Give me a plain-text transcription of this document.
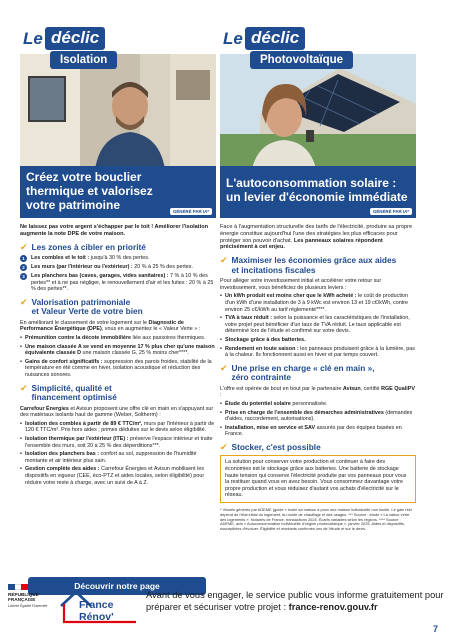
Le déclic
Isolation
Créez votre bouclier
thermique et valorisez
votre patrimoine	GÉNÉRÉ PAR IA*

Ne laissez pas votre argent s'échapper par le toit ! Améliorer l'isolation augmente la note DPE de votre maison.

✔ Les zones à cibler en priorité
1	Les combles et le toit : jusqu'à 30 % des pertes.
2	Les murs (par l'intérieur ou l'extérieur) : 20 % à 25 % des pertes.
3	Les planchers bas (caves, garages, vides sanitaires) : 7 % à 10 % des pertes** et à ne pas négliger, le renouvellement d'air et les fuites : 20 % à 25 % des pertes**.
✔ Valorisation patrimoniale
et Valeur Verte de votre bien

En améliorant le classement de votre logement sur le Diagnostic de Performance Énergétique (DPE), vous en augmentez le « Valeur Verte » :

• Prémunition contre la décote immobilière liée aux passoires thermiques.
• Une maison classée A se vend en moyenne 17 % plus cher qu'une maison équivalente classée D une maison classée G, 25 % moins cher****.
• Gains de confort significatifs : suppression des parois froides, stabilité de la température en été comme en hiver, isolation acoustique et réduction des nuisances sonores.
✔ Simplicité, qualité et
financement optimisé

Carrefour Énergies et Avisun proposent une offre clé en main en s'appuyant sur des matériaux isolants haut de gamme (Weber, Soltherm) :

• Isolation des combles à partir de 89 € TTC/m², murs par l'intérieur à partir de 120 € TTC/m². Prix hors aides ; primes déduites sur le devis selon éligibilité.
• Isolation thermique par l'extérieur (ITE) : préserve l'espace intérieur et traite l'ensemble des murs, soit 20 à 25 % des déperditions***.
• Isolation des planchers bas : confort au sol, suppression de l'humidité montante et air intérieur plus sain.
• Gestion complète des aides : Carrefour Énergies et Avisun mobilisent les dispositifs en vigueur (CEE, éco-PTZ et aides locales, selon éligibilité) pour réduire votre reste à charge, avec un suivi de A à Z.
Découvrir notre page
Le déclic
Photovoltaïque
L'autoconsommation solaire :
un levier d'économie immédiate
GÉNÉRÉ PAR IA*

Face à l'augmentation structurelle des tarifs de l'électricité, produire sa propre énergie constitue aujourd'hui l'une des stratégies les plus efficaces pour protéger son pouvoir d'achat. Les panneaux solaires répondent précisément à cet enjeu.

✔ Maximiser les économies grâce aux aides
et incitations fiscales

Pour alléger votre investissement initial et accélérer votre retour sur investissement, vous bénéficiez de plusieurs leviers :

• Un kWh produit est moins cher que le kWh acheté : le coût de production d'un kWh d'une installation de 3 à 9 kWc est environ 13 et 19 c€/kWh, contre environ 25 c€/kWh au tarif réglementé****.
• TVA à taux réduit : selon la puissance et les caractéristiques de l'installation, votre projet peut bénéficier d'un taux de TVA réduit. Le taux applicable est déterminé lors de l'étude et confirmé sur votre devis.
• Stockage grâce à des batteries.
• Rendement en toute saison : les panneaux produisent grâce à la lumière, pas à la chaleur. Ils fonctionnent aussi en hiver et par temps couvert.
✔ Une prise en charge « clé en main »,
zéro contrainte

L'offre est opérée de bout en bout par le partenaire Avisun, certifié RGE QualiPV :

• Étude du potentiel solaire personnalisée.
• Prise en charge de l'ensemble des démarches administratives (demandes d'aides, raccordement, autorisations).
• Installation, mise en service et SAV assurés par des équipes basées en France.
✔ Stocker, c'est possible

La solution pour conserver votre production et continuer à faire des économies est le stockage grâce aux batteries. Une batterie de stockage haute tension qui conserve l'électricité produite par vos panneaux pour vous la restituer quand vous en avez besoin. Vous consommez davantage votre propre production et vous réduisez d'autant vos achats d'électricité sur le réseau.

* Visuels générés par ADEME (guide « Isoler sa maison à poux une maison individuelle non isolée. Le gain réel dépend de l'état initial du logement, du mode de chauffage et des usages. *** Source : étude « La valeur verte des logements », Notaires de France, transactions 2024. Écarts variables selon les régions. **** Source : ADEME, avis « Autoconsommation individuelle d'origine photovoltaïque », janvier 2025. Aides et dispositifs, susceptibles d'évoluer. Éligibilité et montants confirmés lors de l'étude et sur le devis.

RÉPUBLIQUE
FRANÇAISE
Liberté Égalité Fraternité	France
Rénov'

Avant de vous engager, le service public vous informe gratuitement pour préparer et sécuriser votre projet : france-renov.gouv.fr

7
